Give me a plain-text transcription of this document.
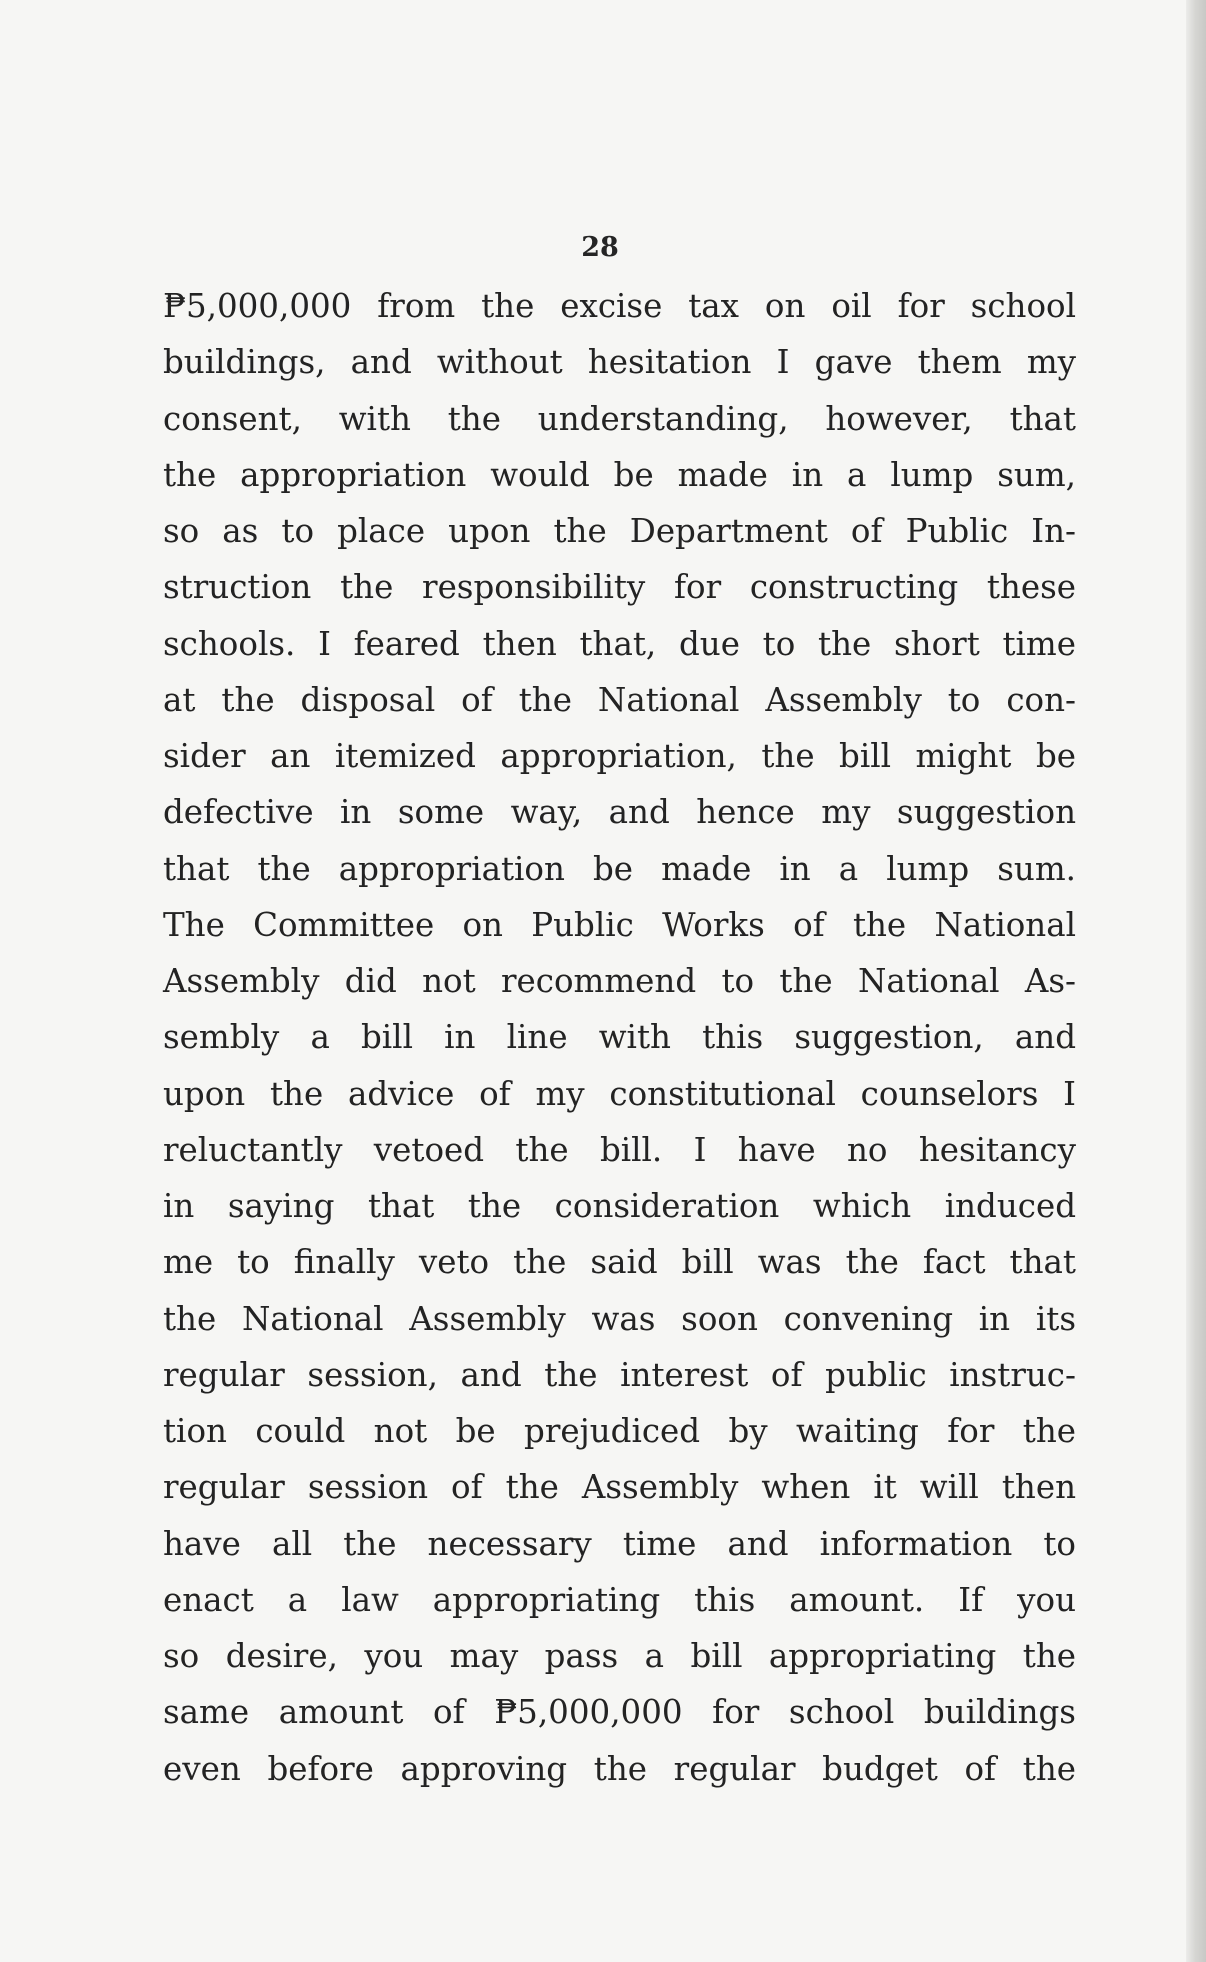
28
₱5,000,000 from the excise tax on oil for school
buildings, and without hesitation I gave them my
consent, with the understanding, however, that
the appropriation would be made in a lump sum,
so as to place upon the Department of Public In-
struction the responsibility for constructing these
schools. I feared then that, due to the short time
at the disposal of the National Assembly to con-
sider an itemized appropriation, the bill might be
defective in some way, and hence my suggestion
that the appropriation be made in a lump sum.
The Committee on Public Works of the National
Assembly did not recommend to the National As-
sembly a bill in line with this suggestion, and
upon the advice of my constitutional counselors I
reluctantly vetoed the bill. I have no hesitancy
in saying that the consideration which induced
me to finally veto the said bill was the fact that
the National Assembly was soon convening in its
regular session, and the interest of public instruc-
tion could not be prejudiced by waiting for the
regular session of the Assembly when it will then
have all the necessary time and information to
enact a law appropriating this amount. If you
so desire, you may pass a bill appropriating the
same amount of ₱5,000,000 for school buildings
even before approving the regular budget of the
